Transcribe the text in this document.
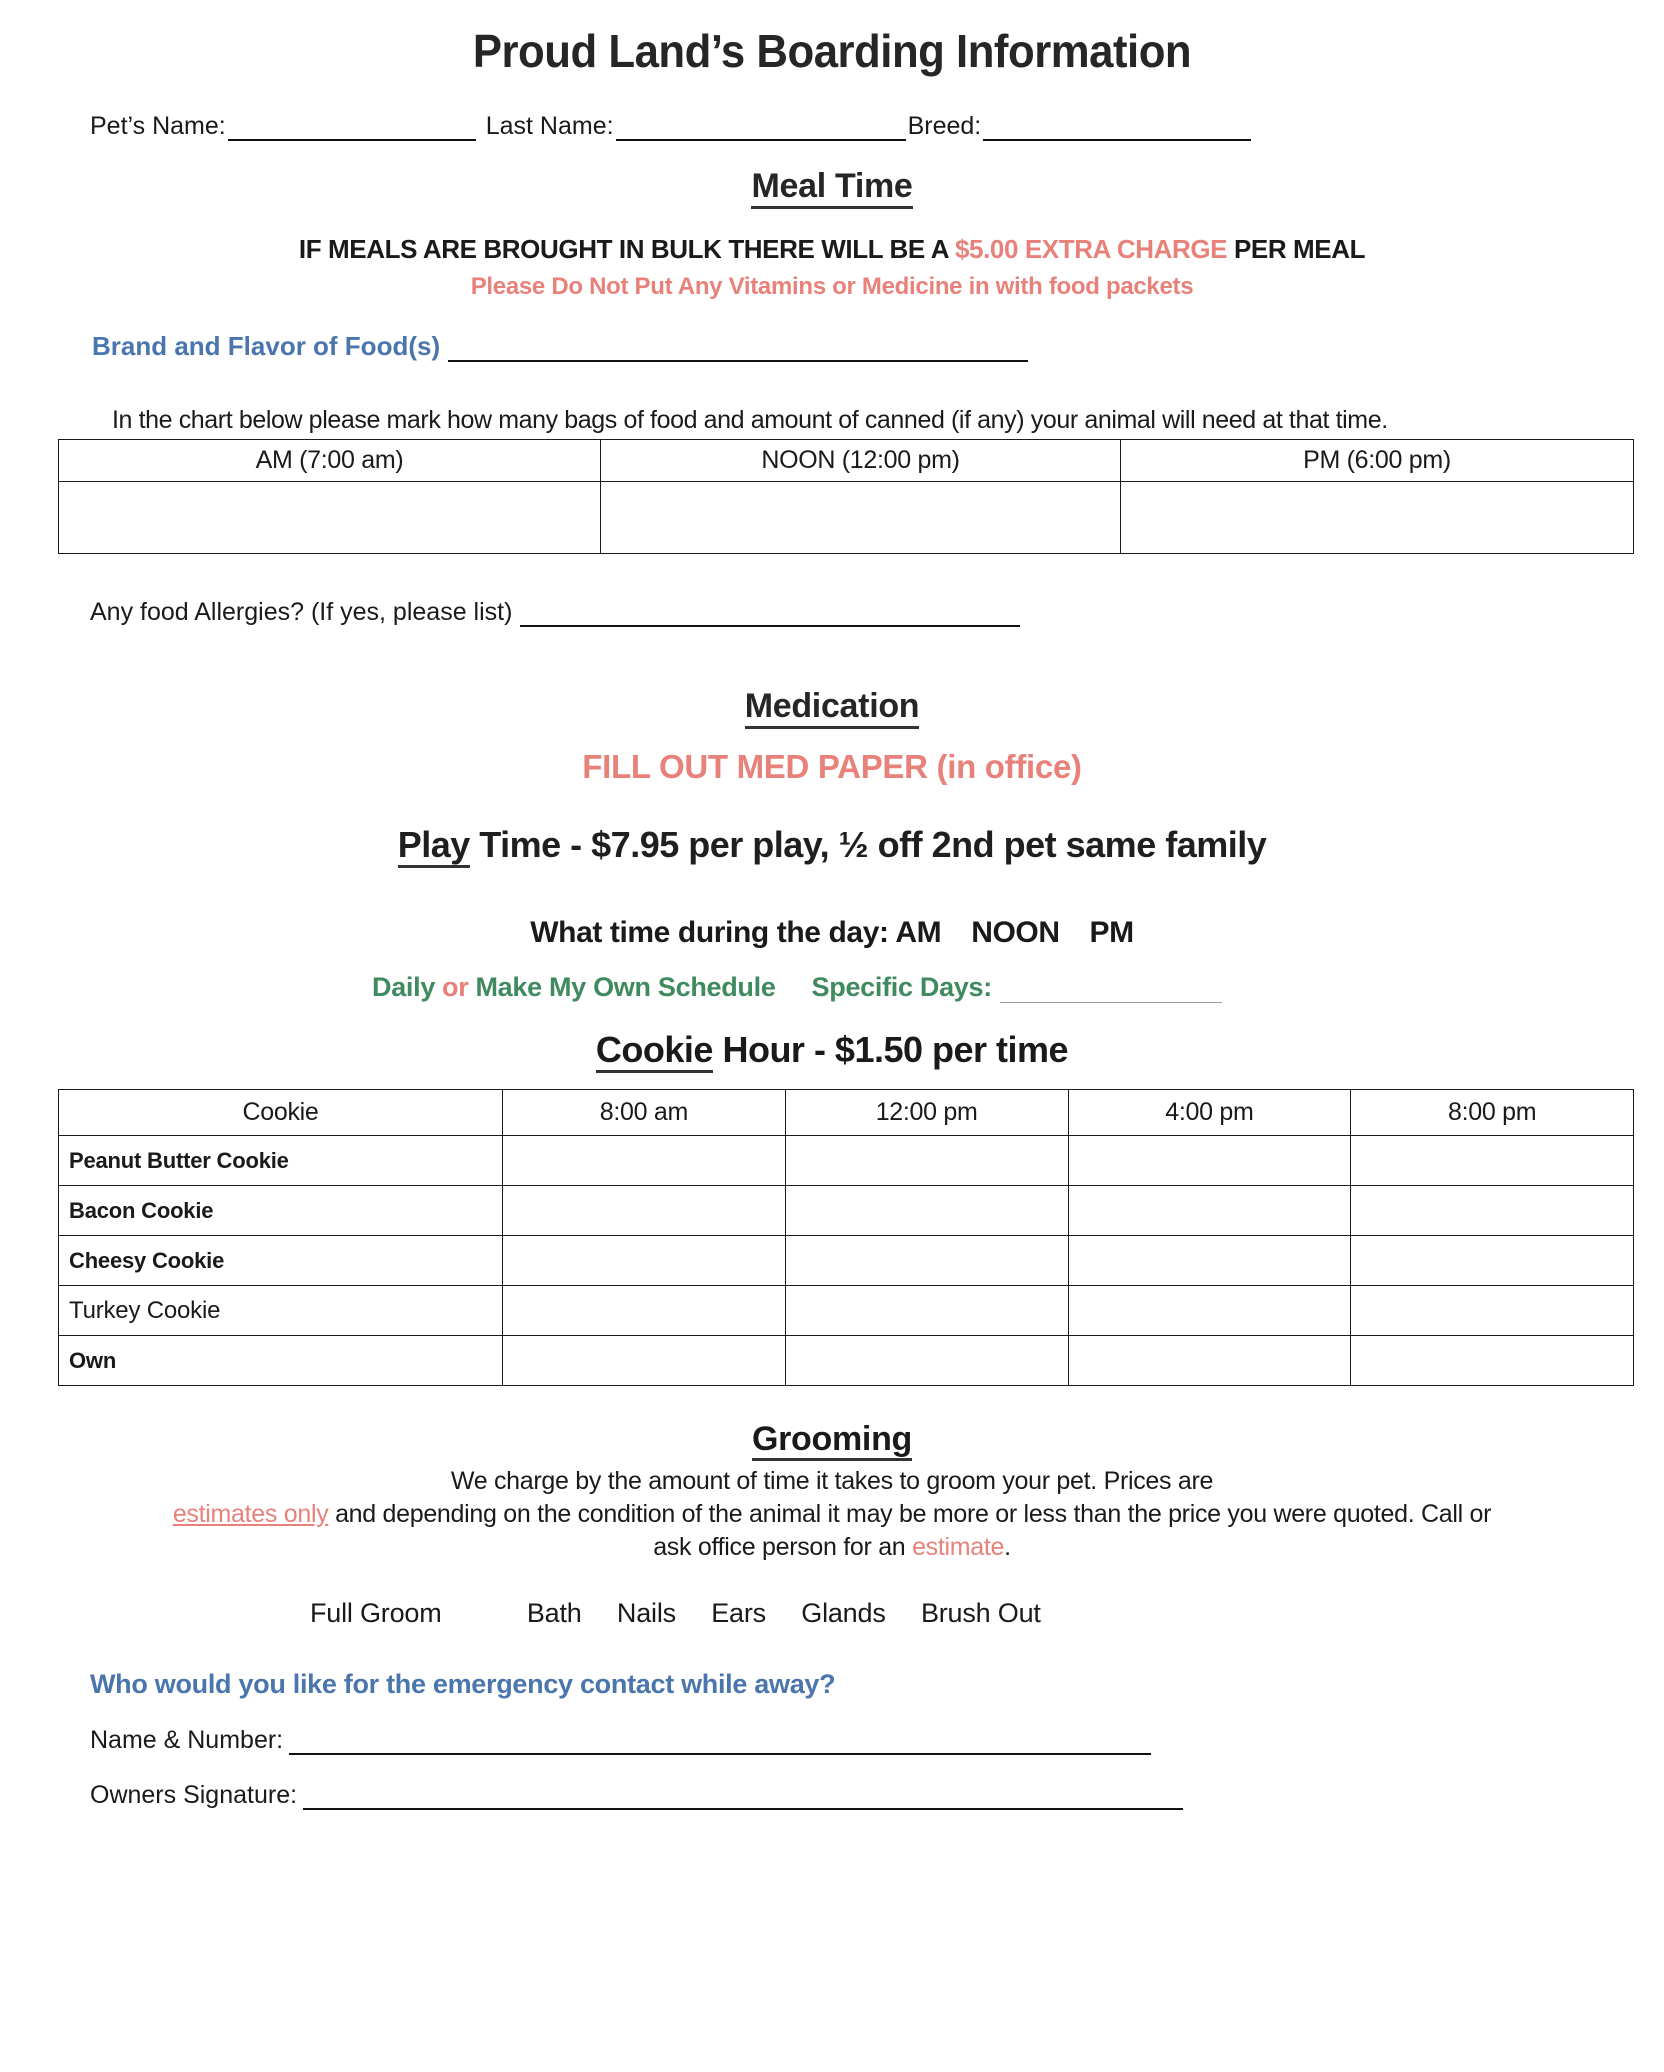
Proud Land’s Boarding Information
Pet’s Name:	Last Name:	Breed:
Meal Time
IF MEALS ARE BROUGHT IN BULK THERE WILL BE A $5.00 EXTRA CHARGE PER MEAL
Please Do Not Put Any Vitamins or Medicine in with food packets
Brand and Flavor of Food(s)
In the chart below please mark how many bags of food and amount of canned (if any) your animal will need at that time.
AM (7:00 am)	NOON (12:00 pm)	PM (6:00 pm)

Any food Allergies? (If yes, please list)
Medication
FILL OUT MED PAPER (in office)
Play Time - $7.95 per play, ½ off 2nd pet same family
What time during the day: AM NOON PM
Daily or Make My Own Schedule Specific Days:
Cookie Hour - $1.50 per time
Cookie	8:00 am	12:00 pm	4:00 pm	8:00 pm
Peanut Butter Cookie				
Bacon Cookie				
Cheesy Cookie				
Turkey Cookie				
Own				
Grooming
We charge by the amount of time it takes to groom your pet. Prices are
estimates only and depending on the condition of the animal it may be more or less than the price you were quoted. Call or
ask office person for an estimate.
Full Groom	Bath Nails Ears Glands Brush Out
Who would you like for the emergency contact while away?
Name & Number:
Owners Signature:
